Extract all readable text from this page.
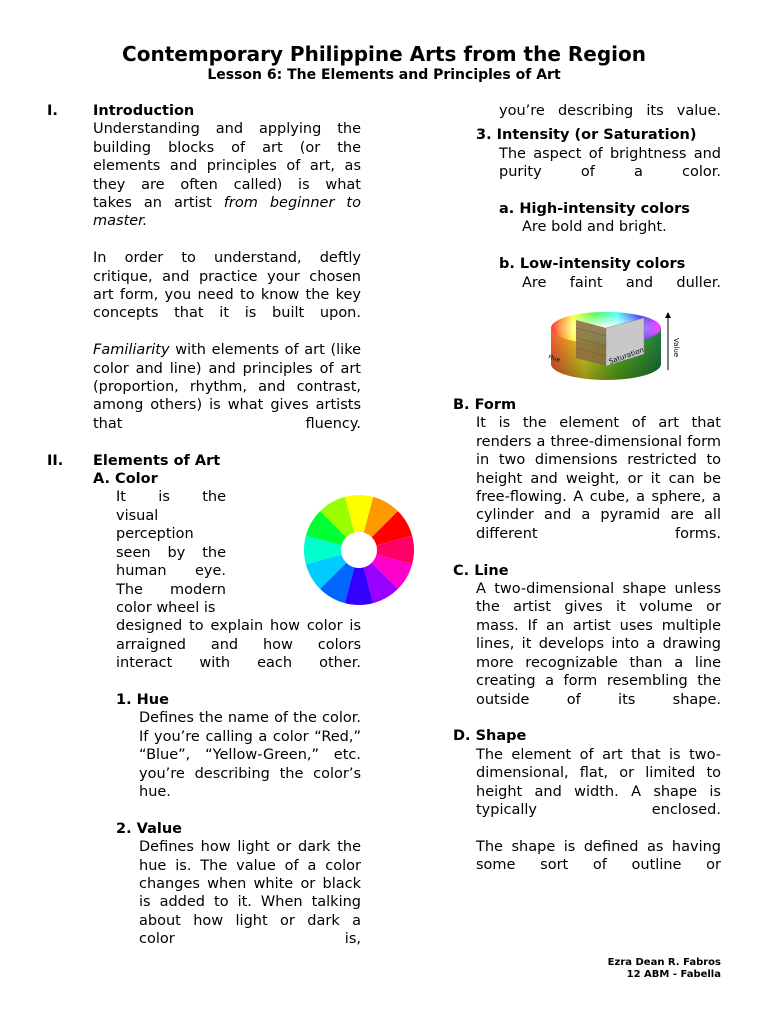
Contemporary Philippine Arts from the Region
Lesson 6: The Elements and Principles of Art
I.	Introduction

Understanding and applying the

building blocks of art (or the

elements and principles of art, as

they are often called) is what

takes an artist from beginner to

master.

In order to understand, deftly critique, and practice your chosen art form, you need to know the key concepts that it is built upon.

Familiarity with elements of art (like color and line) and principles of art (proportion, rhythm, and contrast, among others) is what gives artists that fluency.

II.	Elements of Art
A. Color

It is the

visual

perception

seen by the

human eye.

The modern

color wheel is

designed to explain how color is arraigned and how colors interact with each other.

1. Hue

Defines the name of the color. If you’re calling a color “Red,” “Blue”, “Yellow-Green,” etc. you’re describing the color’s hue.

2. Value

Defines how light or dark the hue is. The value of a color changes when white or black is added to it. When talking about how light or dark a color is,

you’re describing its value.

3. Intensity (or Saturation)

The aspect of brightness and purity of a color.

a. High-intensity colors

Are bold and bright.

b. Low-intensity colors

Are faint and duller.

Value
Saturation
Hue
B. Form

It is the element of art that renders a three-dimensional form in two dimensions restricted to height and weight, or it can be free-flowing. A cube, a sphere, a cylinder and a pyramid are all different forms.

C. Line

A two-dimensional shape unless the artist gives it volume or mass. If an artist uses multiple lines, it develops into a drawing more recognizable than a line creating a form resembling the outside of its shape.

D. Shape

The element of art that is two-dimensional, flat, or limited to height and width. A shape is typically enclosed.

The shape is defined as having some sort of outline or

Ezra Dean R. Fabros
12 ABM - Fabella
